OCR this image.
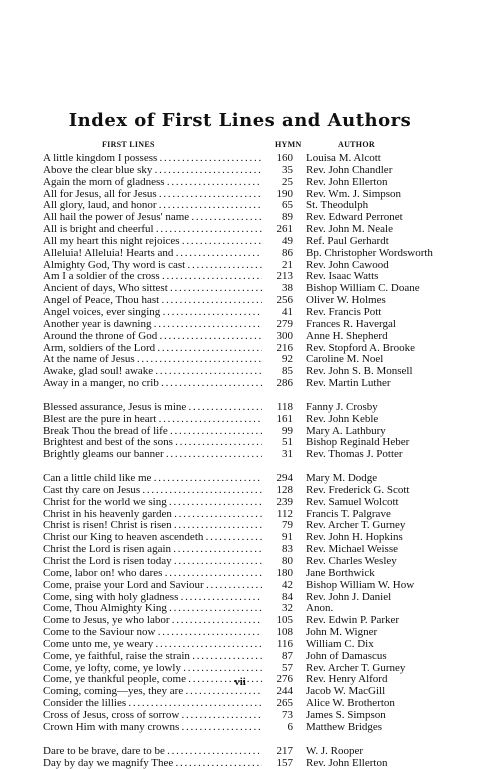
Index of First Lines and Authors
FIRST LINES	HYMN	AUTHOR
A little kingdom I possess . . .	160 Louisa M. Alcott
Above the clear blue sky . . .	35 Rev. John Chandler
Again the morn of gladness . . .	25 Rev. John Ellerton
All for Jesus, all for Jesus . . .	190 Rev. Wm. J. Simpson
All glory, laud, and honor . . .	65 St. Theodulph
All hail the power of Jesus' name . . .	89 Rev. Edward Perronet
All is bright and cheerful . . .	261 Rev. John M. Neale
All my heart this night rejoices . . .	49 Ref. Paul Gerhardt
Alleluia! Alleluia! Hearts and . . .	86 Bp. Christopher Wordsworth
Almighty God, Thy word is cast . . .	21 Rev. John Cawood
Am I a soldier of the cross . . .	213 Rev. Isaac Watts
Ancient of days, Who sittest . . .	38 Bishop William C. Doane
Angel of Peace, Thou hast . . .	256 Oliver W. Holmes
Angel voices, ever singing . . .	41 Rev. Francis Pott
Another year is dawning . . .	279 Frances R. Havergal
Around the throne of God . . .	300 Anne H. Shepherd
Arm, soldiers of the Lord . . .	216 Rev. Stopford A. Brooke
At the name of Jesus . . .	92 Caroline M. Noel
Awake, glad soul! awake . . .	85 Rev. John S. B. Monsell
Away in a manger, no crib . . .	286 Rev. Martin Luther
Blessed assurance, Jesus is mine . . .	118 Fanny J. Crosby
Blest are the pure in heart . . .	161 Rev. John Keble
Break Thou the bread of life . . .	99 Mary A. Lathbury
Brightest and best of the sons . . .	51 Bishop Reginald Heber
Brightly gleams our banner . . .	31 Rev. Thomas J. Potter
Can a little child like me . . .	294 Mary M. Dodge
Cast thy care on Jesus . . .	128 Rev. Frederick G. Scott
Christ for the world we sing . . .	239 Rev. Samuel Wolcott
Christ in his heavenly garden . . .	112 Francis T. Palgrave
Christ is risen! Christ is risen . . .	79 Rev. Archer T. Gurney
Christ our King to heaven ascendeth . . .	91 Rev. John H. Hopkins
Christ the Lord is risen again . . .	83 Rev. Michael Weisse
Christ the Lord is risen today . . .	80 Rev. Charles Wesley
Come, labor on! who dares . . .	180 Jane Borthwick
Come, praise your Lord and Saviour . . .	42 Bishop William W. How
Come, sing with holy gladness . . .	84 Rev. John J. Daniel
Come, Thou Almighty King . . .	32 Anon.
Come to Jesus, ye who labor . . .	105 Rev. Edwin P. Parker
Come to the Saviour now . . .	108 John M. Wigner
Come unto me, ye weary . . .	116 William C. Dix
Come, ye faithful, raise the strain . . .	87 John of Damascus
Come, ye lofty, come, ye lowly . . .	57 Rev. Archer T. Gurney
Come, ye thankful people, come . . .	276 Rev. Henry Alford
Coming, coming—yes, they are . . .	244 Jacob W. MacGill
Consider the lillies . . .	265 Alice W. Brotherton
Cross of Jesus, cross of sorrow . . .	73 James S. Simpson
Crown Him with many crowns . . .	6 Matthew Bridges
Dare to be brave, dare to be . . .	217 W. J. Rooper
Day by day we magnify Thee . . .	157 Rev. John Ellerton
vii
